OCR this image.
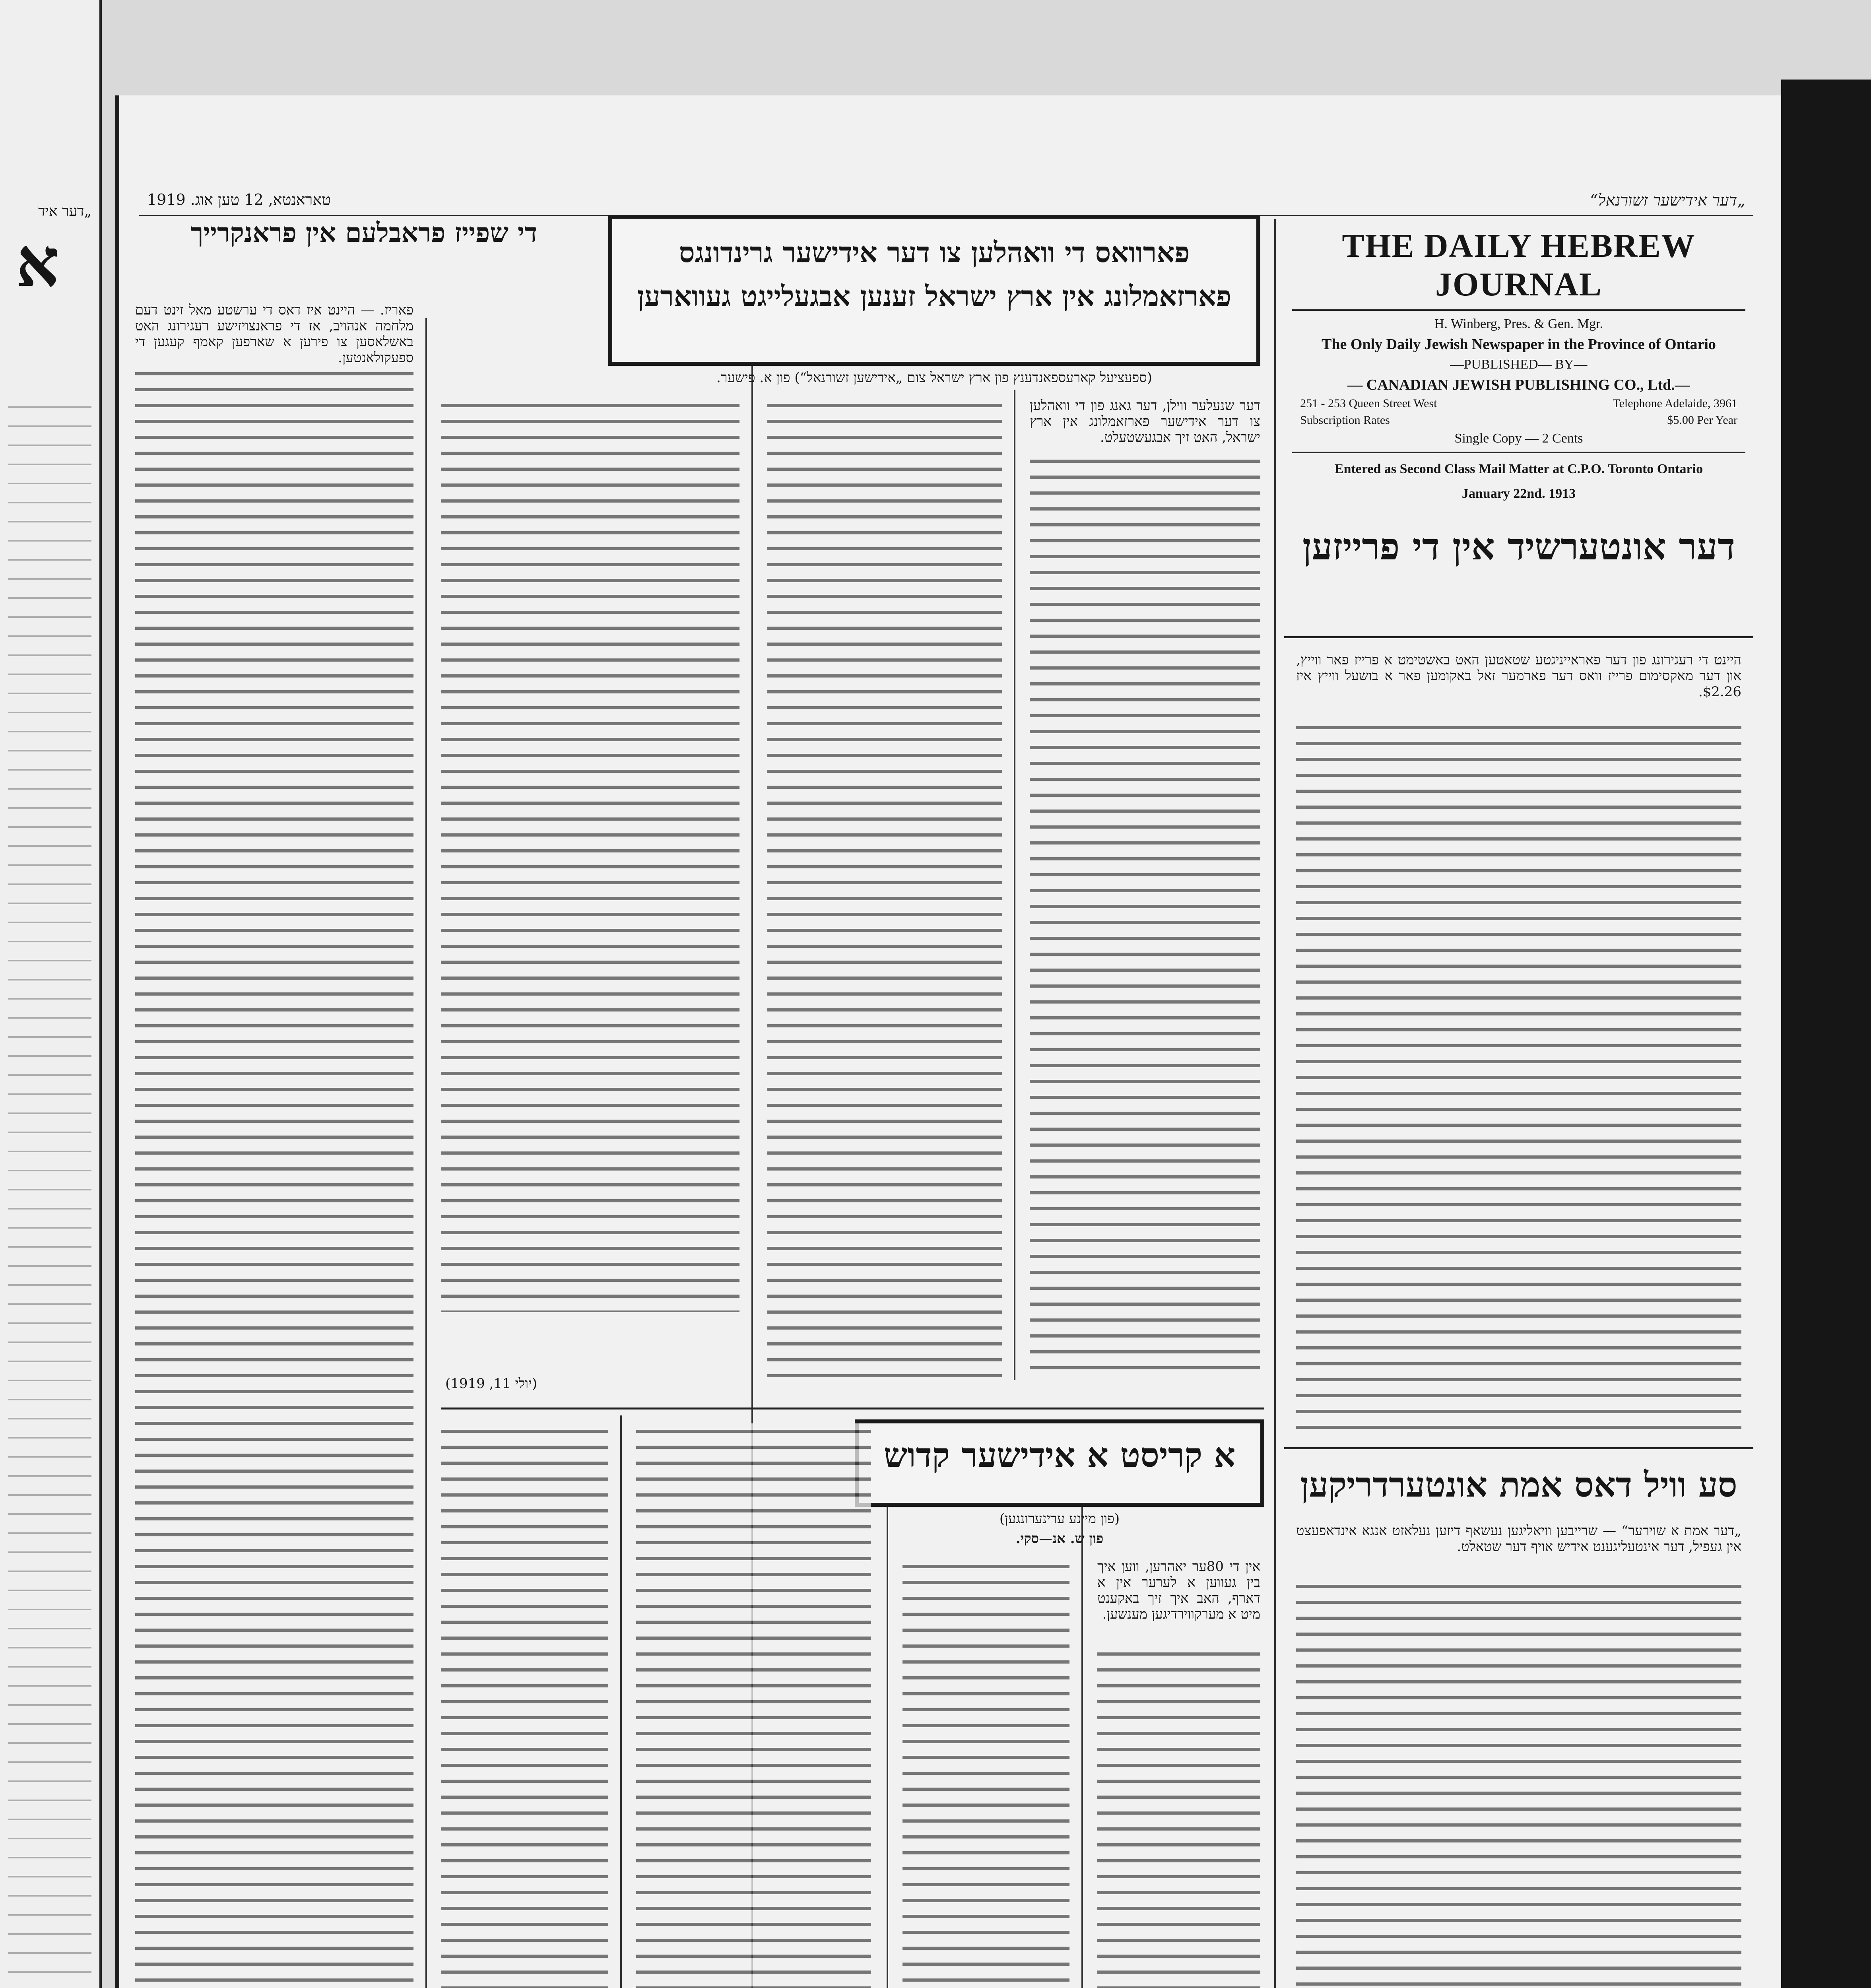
„דער איד
א
טאראנטא, 12 טען אוג. 1919	„דער אידישער זשורנאל“
THE DAILY HEBREW JOURNAL
H. Winberg, Pres. & Gen. Mgr.
The Only Daily Jewish Newspaper in the Province of Ontario
—PUBLISHED— BY—
— CANADIAN JEWISH PUBLISHING CO., Ltd.—
251 - 253 Queen Street West	Telephone Adelaide, 3961
Subscription Rates	$5.00 Per Year
Single Copy — 2 Cents
Entered as Second Class Mail Matter at C.P.O. Toronto Ontario
January 22nd. 1913
דער אונטערשיד אין די פרייזען
היינט די רעגירונג פון דער פאראייניגטע שטאטען האט באשטימט א פרייז פאר ווייץ, און דער מאקסימום פרייז וואס דער פארמער זאל באקומען פאר א בושעל ווייץ איז $2.26.
סע וויל דאס אמת אונטערדריקען
„דער אמת א שוירער“ — שרייבען וויאליגען נעשאף דיזען נעלאזט אנגא אינדאפעצט אין געפיל, דער אינטעליגענט אידיש אויף דער שטאלט.
פארוואס די וואהלען צו דער אידישער גרינדונגס פארזאמלונג אין ארץ ישראל זענען אבגעלייגט געווארען
(ספעציעל קארעספאנדענץ פון ארץ ישראל צום „אידישען זשורנאל“) פון א. פישער.
דער שנעלער ווילן, דער גאנג פון די וואהלען צו דער אידישער פארזאמלונג אין ארץ ישראל, האט זיך אבגעשטעלט.
(יולי 11, 1919)
די שפייז פראבלעם אין פראנקרייך
פאריז. — היינט איז דאס די ערשטע מאל זינט דעם מלחמה אנהויב, אז די פראנצויזישע רעגירונג האט באשלאסען צו פירען א שארפען קאמף קעגען די ספעקולאנטען.
א קריסט א אידישער קדוש
(פון מיינע ערינערונגען)
פון ש. אנ—סקי.
אין די 80ער יאהרען, ווען איך בין געווען א לערער אין א דארף, האב איך זיך באקענט מיט א מערקווירדיגען מענשען.
